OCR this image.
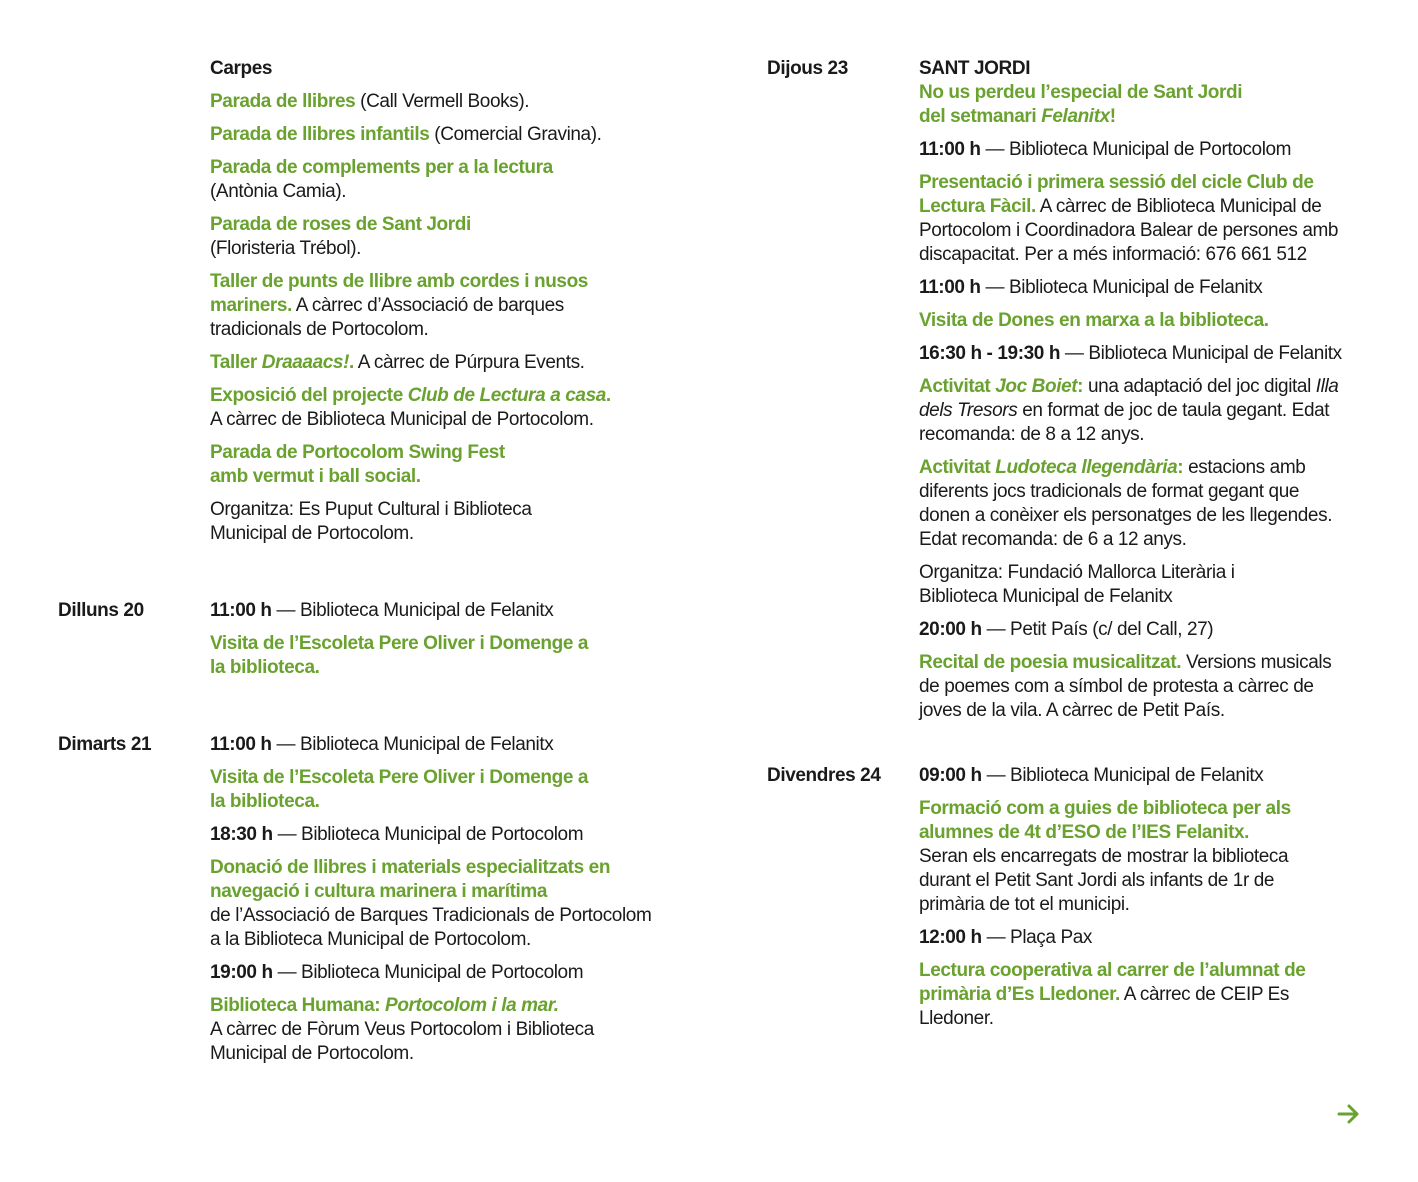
Carpes

Parada de llibres (Call Vermell Books).

Parada de llibres infantils (Comercial Gravina).

Parada de complements per a la lectura
(Antònia Camia).

Parada de roses de Sant Jordi
(Floristeria Trébol).

Taller de punts de llibre amb cordes i nusos mariners. A càrrec d’Associació de barques tradicionals de Portocolom.

Taller Draaaacs!. A càrrec de Púrpura Events.

Exposició del projecte Club de Lectura a casa.
A càrrec de Biblioteca Municipal de Portocolom.

Parada de Portocolom Swing Fest amb vermut i ball social.

Organitza: Es Puput Cultural i Biblioteca Municipal de Portocolom.

Dilluns 20	11:00 h — Biblioteca Municipal de Felanitx

Visita de l’Escoleta Pere Oliver i Domenge a la biblioteca.

Dimarts 21	11:00 h — Biblioteca Municipal de Felanitx

Visita de l’Escoleta Pere Oliver i Domenge a la biblioteca.

18:30 h — Biblioteca Municipal de Portocolom

Donació de llibres i materials especialitzats en navegació i cultura marinera i marítima
de l’Associació de Barques Tradicionals de Portocolom a la Biblioteca Municipal de Portocolom.

19:00 h — Biblioteca Municipal de Portocolom

Biblioteca Humana: Portocolom i la mar.
A càrrec de Fòrum Veus Portocolom i Biblioteca Municipal de Portocolom.

Dijous 23	SANT JORDI

No us perdeu l’especial de Sant Jordi del setmanari Felanitx!

11:00 h — Biblioteca Municipal de Portocolom

Presentació i primera sessió del cicle Club de Lectura Fàcil. A càrrec de Biblioteca Municipal de Portocolom i Coordinadora Balear de persones amb discapacitat. Per a més informació: 676 661 512

11:00 h — Biblioteca Municipal de Felanitx

Visita de Dones en marxa a la biblioteca.

16:30 h - 19:30 h — Biblioteca Municipal de Felanitx

Activitat Joc Boiet: una adaptació del joc digital Illa dels Tresors en format de joc de taula gegant. Edat recomanda: de 8 a 12 anys.

Activitat Ludoteca llegendària: estacions amb diferents jocs tradicionals de format gegant que donen a conèixer els personatges de les llegendes. Edat recomanda: de 6 a 12 anys.

Organitza: Fundació Mallorca Literària i Biblioteca Municipal de Felanitx

20:00 h — Petit País (c/ del Call, 27)

Recital de poesia musicalitzat. Versions musicals de poemes com a símbol de protesta a càrrec de joves de la vila. A càrrec de Petit País.

Divendres 24	09:00 h — Biblioteca Municipal de Felanitx

Formació com a guies de biblioteca per als alumnes de 4t d’ESO de l’IES Felanitx.
Seran els encarregats de mostrar la biblioteca durant el Petit Sant Jordi als infants de 1r de primària de tot el municipi.

12:00 h — Plaça Pax

Lectura cooperativa al carrer de l’alumnat de primària d’Es Lledoner. A càrrec de CEIP Es Lledoner.
